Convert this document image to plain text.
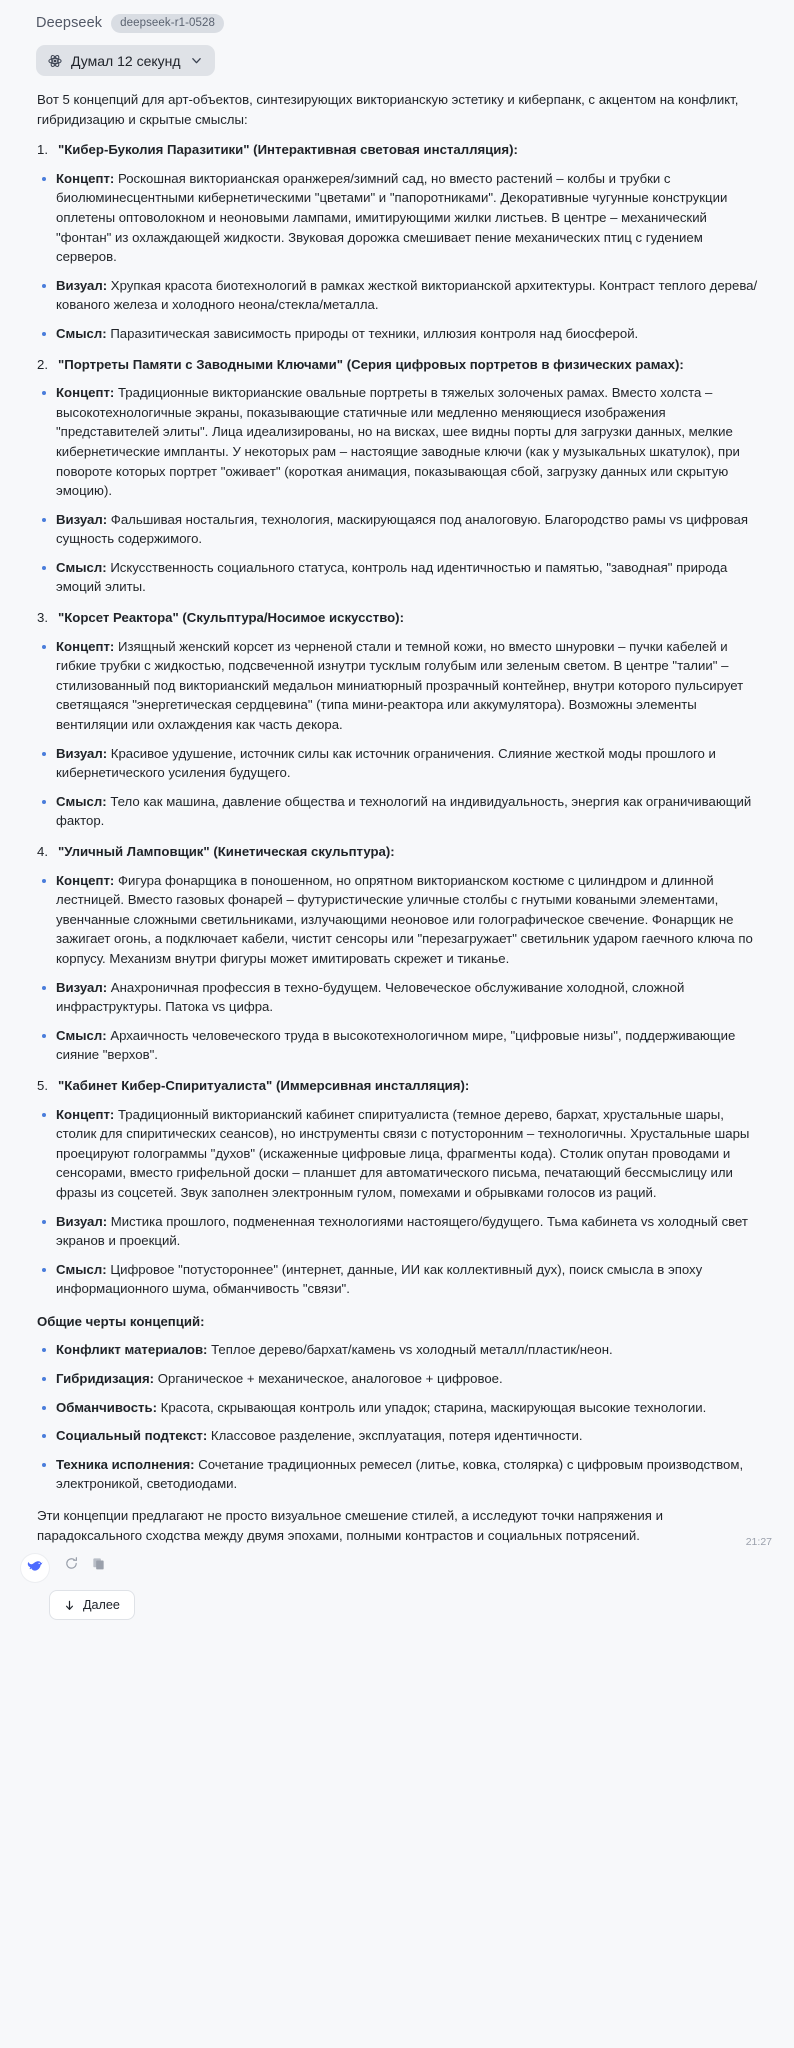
Deepseek	deepseek-r1-0528
Думал 12 секунд

Вот 5 концепций для арт-объектов, синтезирующих викторианскую эстетику и киберпанк, с акцентом на конфликт, гибридизацию и скрытые смыслы:

1. "Кибер-Буколия Паразитики" (Интерактивная световая инсталляция):
Концепт: Роскошная викторианская оранжерея/зимний сад, но вместо растений – колбы и трубки с биолюминесцентными кибернетическими "цветами" и "папоротниками". Декоративные чугунные конструкции оплетены оптоволокном и неоновыми лампами, имитирующими жилки листьев. В центре – механический "фонтан" из охлаждающей жидкости. Звуковая дорожка смешивает пение механических птиц с гудением серверов.
Визуал: Хрупкая красота биотехнологий в рамках жесткой викторианской архитектуры. Контраст теплого дерева/кованого железа и холодного неона/стекла/металла.
Смысл: Паразитическая зависимость природы от техники, иллюзия контроля над биосферой.
2. "Портреты Памяти с Заводными Ключами" (Серия цифровых портретов в физических рамах):
Концепт: Традиционные викторианские овальные портреты в тяжелых золоченых рамах. Вместо холста – высокотехнологичные экраны, показывающие статичные или медленно меняющиеся изображения "представителей элиты". Лица идеализированы, но на висках, шее видны порты для загрузки данных, мелкие кибернетические импланты. У некоторых рам – настоящие заводные ключи (как у музыкальных шкатулок), при повороте которых портрет "оживает" (короткая анимация, показывающая сбой, загрузку данных или скрытую эмоцию).
Визуал: Фальшивая ностальгия, технология, маскирующаяся под аналоговую. Благородство рамы vs цифровая сущность содержимого.
Смысл: Искусственность социального статуса, контроль над идентичностью и памятью, "заводная" природа эмоций элиты.
3. "Корсет Реактора" (Скульптура/Носимое искусство):
Концепт: Изящный женский корсет из черненой стали и темной кожи, но вместо шнуровки – пучки кабелей и гибкие трубки с жидкостью, подсвеченной изнутри тусклым голубым или зеленым светом. В центре "талии" – стилизованный под викторианский медальон миниатюрный прозрачный контейнер, внутри которого пульсирует светящаяся "энергетическая сердцевина" (типа мини-реактора или аккумулятора). Возможны элементы вентиляции или охлаждения как часть декора.
Визуал: Красивое удушение, источник силы как источник ограничения. Слияние жесткой моды прошлого и кибернетического усиления будущего.
Смысл: Тело как машина, давление общества и технологий на индивидуальность, энергия как ограничивающий фактор.
4. "Уличный Ламповщик" (Кинетическая скульптура):
Концепт: Фигура фонарщика в поношенном, но опрятном викторианском костюме с цилиндром и длинной лестницей. Вместо газовых фонарей – футуристические уличные столбы с гнутыми коваными элементами, увенчанные сложными светильниками, излучающими неоновое или голографическое свечение. Фонарщик не зажигает огонь, а подключает кабели, чистит сенсоры или "перезагружает" светильник ударом гаечного ключа по корпусу. Механизм внутри фигуры может имитировать скрежет и тиканье.
Визуал: Анахроничная профессия в техно-будущем. Человеческое обслуживание холодной, сложной инфраструктуры. Патока vs цифра.
Смысл: Архаичность человеческого труда в высокотехнологичном мире, "цифровые низы", поддерживающие сияние "верхов".
5. "Кабинет Кибер-Спиритуалиста" (Иммерсивная инсталляция):
Концепт: Традиционный викторианский кабинет спиритуалиста (темное дерево, бархат, хрустальные шары, столик для спиритических сеансов), но инструменты связи с потусторонним – технологичны. Хрустальные шары проецируют голограммы "духов" (искаженные цифровые лица, фрагменты кода). Столик опутан проводами и сенсорами, вместо грифельной доски – планшет для автоматического письма, печатающий бессмыслицу или фразы из соцсетей. Звук заполнен электронным гулом, помехами и обрывками голосов из раций.
Визуал: Мистика прошлого, подмененная технологиями настоящего/будущего. Тьма кабинета vs холодный свет экранов и проекций.
Смысл: Цифровое "потустороннее" (интернет, данные, ИИ как коллективный дух), поиск смысла в эпоху информационного шума, обманчивость "связи".
Общие черты концепций:
Конфликт материалов: Теплое дерево/бархат/камень vs холодный металл/пластик/неон.
Гибридизация: Органическое + механическое, аналоговое + цифровое.
Обманчивость: Красота, скрывающая контроль или упадок; старина, маскирующая высокие технологии.
Социальный подтекст: Классовое разделение, эксплуатация, потеря идентичности.
Техника исполнения: Сочетание традиционных ремесел (литье, ковка, столярка) с цифровым производством, электроникой, светодиодами.

Эти концепции предлагают не просто визуальное смешение стилей, а исследуют точки напряжения и парадоксального сходства между двумя эпохами, полными контрастов и социальных потрясений.	21:27
Далее
